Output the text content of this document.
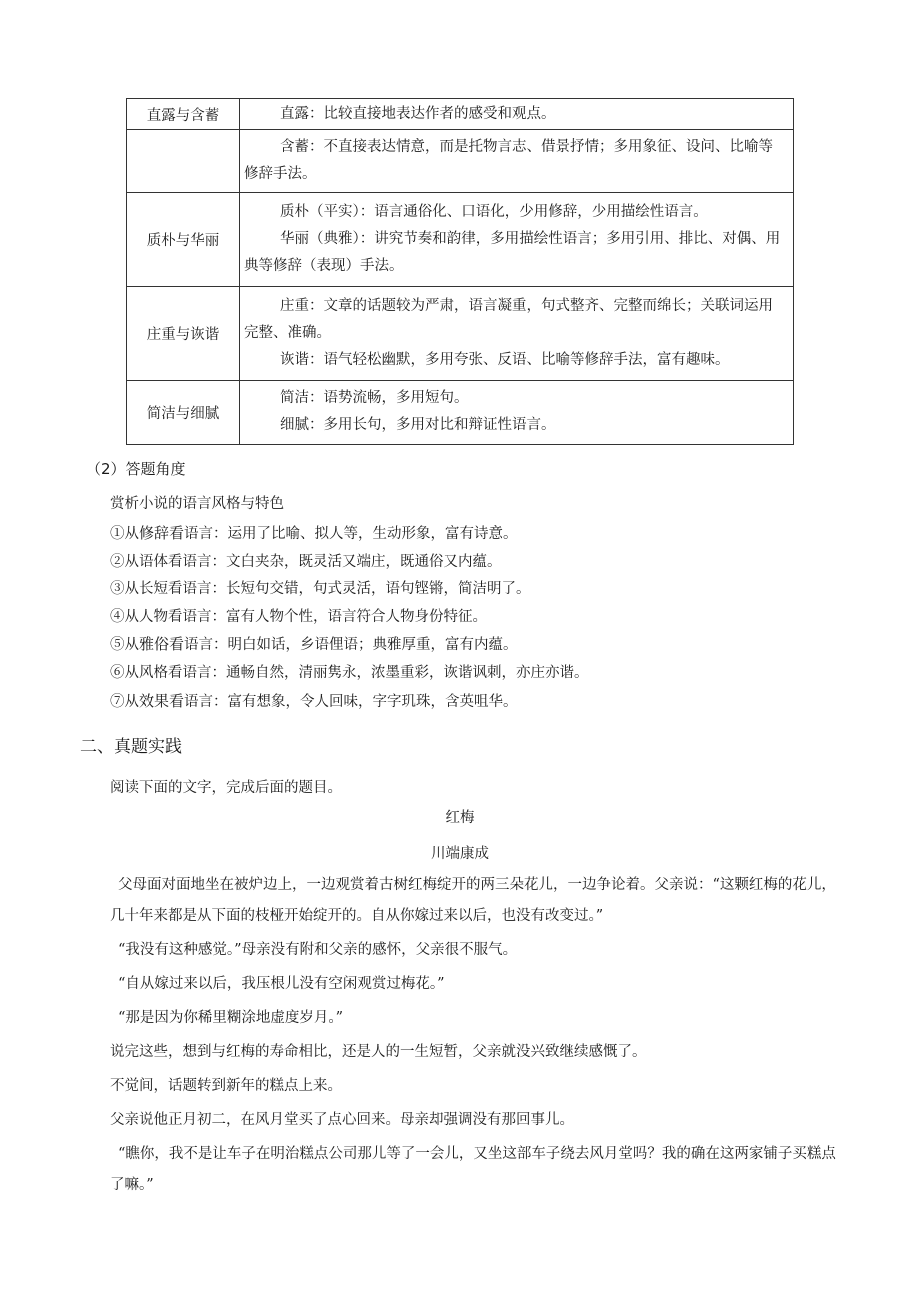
直露与含蓄	直露：比较直接地表达作者的感受和观点。

	含蓄：不直接表达情意，而是托物言志、借景抒情；多用象征、设问、比喻等修辞手法。

质朴与华丽	质朴（平实）：语言通俗化、口语化，少用修辞，少用描绘性语言。
华丽（典雅）：讲究节奏和韵律，多用描绘性语言；多用引用、排比、对偶、用典等修辞（表现）手法。

庄重与诙谐	庄重：文章的话题较为严肃，语言凝重，句式整齐、完整而绵长；关联词运用完整、准确。
诙谐：语气轻松幽默，多用夸张、反语、比喻等修辞手法，富有趣味。

简洁与细腻	简洁：语势流畅，多用短句。
细腻：多用长句，多用对比和辩证性语言。
（2）答题角度
赏析小说的语言风格与特色
①从修辞看语言：运用了比喻、拟人等，生动形象，富有诗意。
②从语体看语言：文白夹杂，既灵活又端庄，既通俗又内蕴。
③从长短看语言：长短句交错，句式灵活，语句铿锵，简洁明了。
④从人物看语言：富有人物个性，语言符合人物身份特征。
⑤从雅俗看语言：明白如话，乡语俚语；典雅厚重，富有内蕴。
⑥从风格看语言：通畅自然，清丽隽永，浓墨重彩，诙谐讽刺，亦庄亦谐。
⑦从效果看语言：富有想象，令人回味，字字玑珠，含英咀华。
二、真题实践
阅读下面的文字，完成后面的题目。
红梅
川端康成

父母面对面地坐在被炉边上，一边观赏着古树红梅绽开的两三朵花儿，一边争论着。父亲说：“这颗红梅的花儿，几十年来都是从下面的枝桠开始绽开的。自从你嫁过来以后，也没有改变过。”

“我没有这种感觉。”母亲没有附和父亲的感怀，父亲很不服气。

“自从嫁过来以后，我压根儿没有空闲观赏过梅花。”

“那是因为你稀里糊涂地虚度岁月。”

说完这些，想到与红梅的寿命相比，还是人的一生短暂，父亲就没兴致继续感慨了。

不觉间，话题转到新年的糕点上来。

父亲说他正月初二，在风月堂买了点心回来。母亲却强调没有那回事儿。

“瞧你，我不是让车子在明治糕点公司那儿等了一会儿，又坐这部车子绕去风月堂吗？我的确在这两家铺子买糕点了嘛。”
